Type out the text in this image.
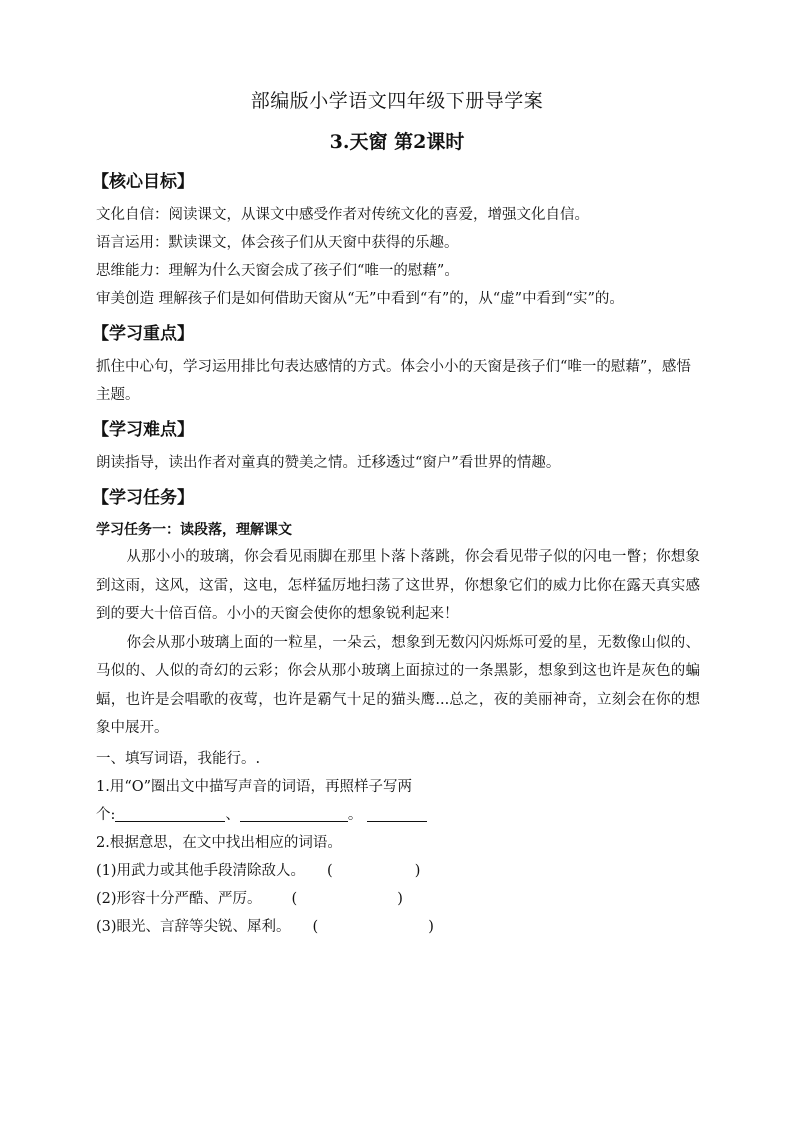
部编版小学语文四年级下册导学案
3.天窗 第2课时
【核心目标】
文化自信：阅读课文，从课文中感受作者对传统文化的喜爱，增强文化自信。
语言运用：默读课文，体会孩子们从天窗中获得的乐趣。
思维能力：理解为什么天窗会成了孩子们“唯一的慰藉”。
审美创造 理解孩子们是如何借助天窗从“无”中看到“有”的，从“虚”中看到“实”的。
【学习重点】
抓住中心句，学习运用排比句表达感情的方式。体会小小的天窗是孩子们“唯一的慰藉”，感悟主题。
【学习难点】
朗读指导，读出作者对童真的赞美之情。迁移透过“窗户”看世界的情趣。
【学习任务】
学习任务一：读段落，理解课文
从那小小的玻璃，你会看见雨脚在那里卜落卜落跳，你会看见带子似的闪电一瞥；你想象到这雨，这风，这雷，这电，怎样猛厉地扫荡了这世界，你想象它们的威力比你在露天真实感到的要大十倍百倍。小小的天窗会使你的想象锐利起来！
你会从那小玻璃上面的一粒星，一朵云，想象到无数闪闪烁烁可爱的星，无数像山似的、马似的、人似的奇幻的云彩；你会从那小玻璃上面掠过的一条黑影，想象到这也许是灰色的蝙蝠，也许是会唱歌的夜莺，也许是霸气十足的猫头鹰...总之，夜的美丽神奇，立刻会在你的想象中展开。
一、填写词语，我能行。.
1.用“O”圈出文中描写声音的词语，再照样子写两
个:	、	。
2.根据意思，在文中找出相应的词语。
(1)用武力或其他手段清除敌人。 (	)
(2)形容十分严酷、严厉。 (	)
(3)眼光、言辞等尖锐、犀利。 (	)
